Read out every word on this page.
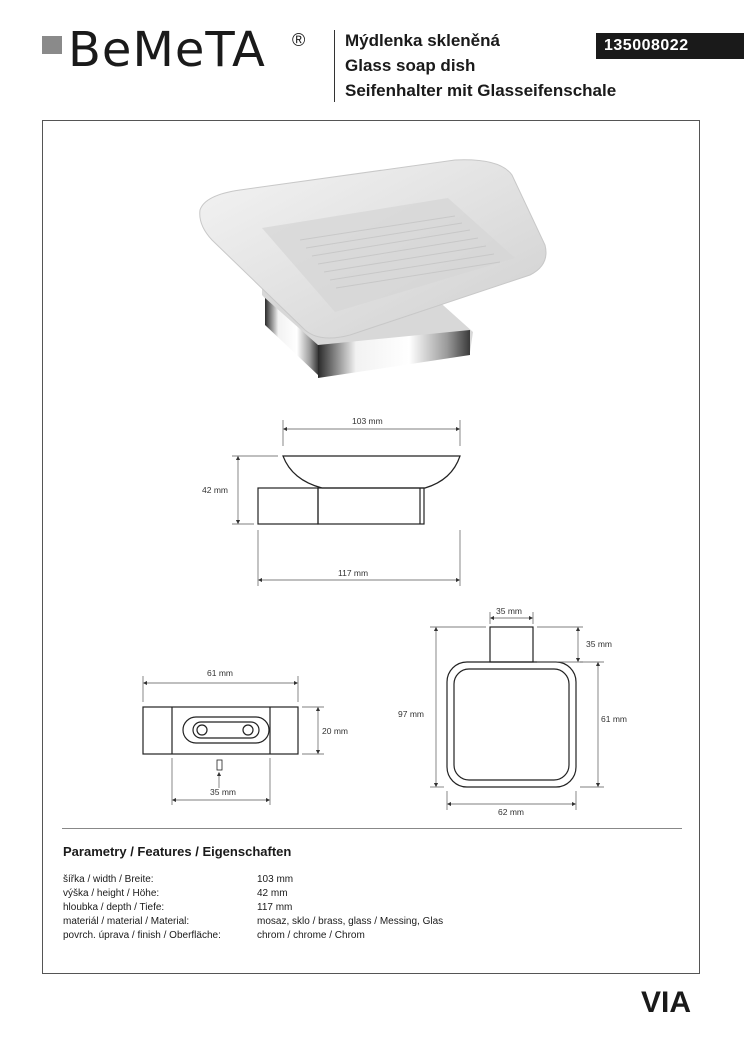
BeMeTA ® Mýdlenka skleněná
Glass soap dish
Seifenhalter mit Glasseifenschale
135008022
103 mm
42 mm
117 mm
61 mm
20 mm
35 mm
35 mm
35 mm
97 mm	61 mm
62 mm
Parametry / Features / Eigenschaften
šířka / width / Breite:	103 mm
výška / height / Höhe:	42 mm
hloubka / depth / Tiefe:	117 mm
materiál / material / Material:	mosaz, sklo / brass, glass / Messing, Glas
povrch. úprava / finish / Oberfläche:	chrom / chrome / Chrom
VIA
